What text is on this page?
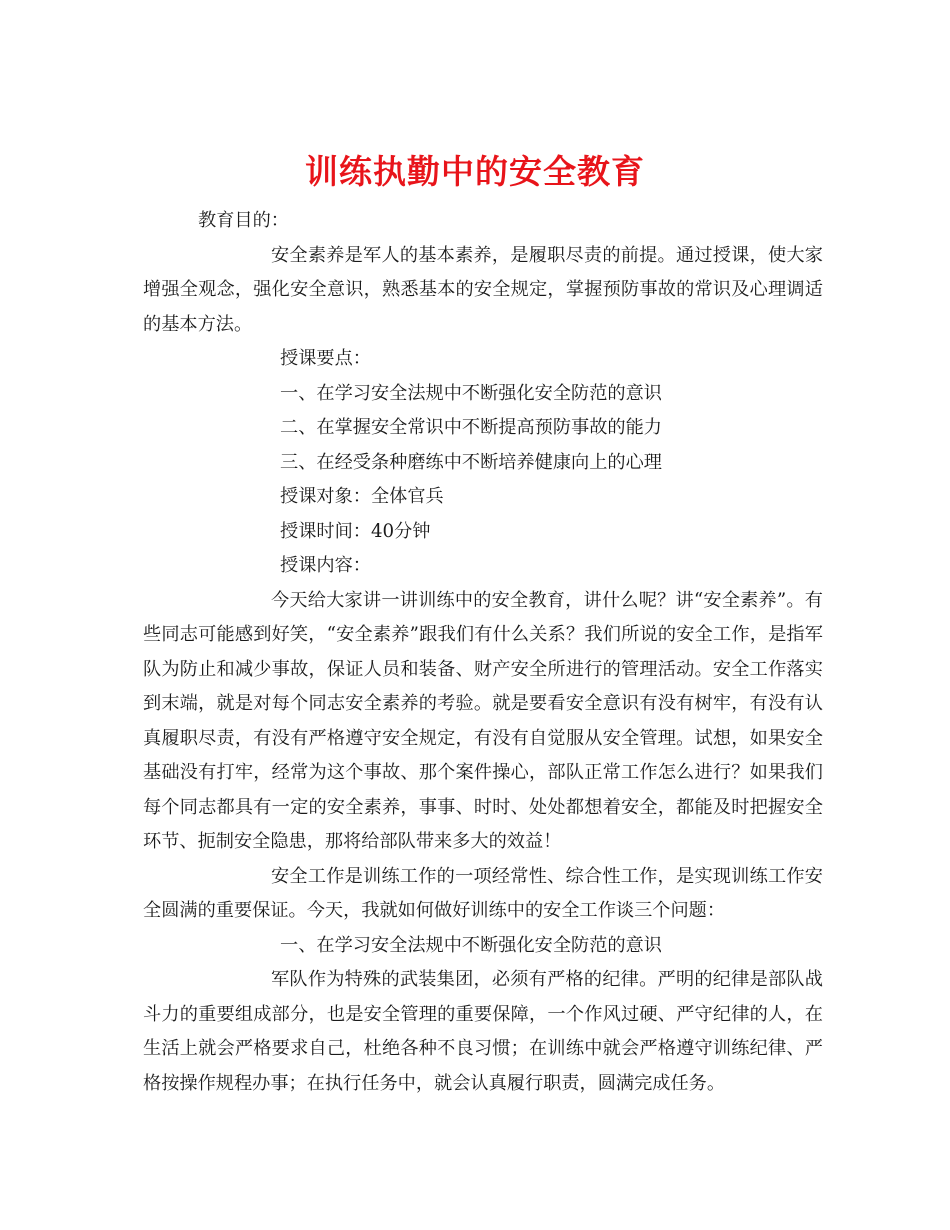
训练执勤中的安全教育

教育目的：

安全素养是军人的基本素养，是履职尽责的前提。通过授课，使大家增强全观念，强化安全意识，熟悉基本的安全规定，掌握预防事故的常识及心理调适的基本方法。

授课要点：

一、在学习安全法规中不断强化安全防范的意识

二、在掌握安全常识中不断提高预防事故的能力

三、在经受条种磨练中不断培养健康向上的心理

授课对象：全体官兵

授课时间：40分钟

授课内容：

今天给大家讲一讲训练中的安全教育，讲什么呢？讲“安全素养”。有些同志可能感到好笑，“安全素养”跟我们有什么关系？我们所说的安全工作，是指军队为防止和减少事故，保证人员和装备、财产安全所进行的管理活动。安全工作落实到末端，就是对每个同志安全素养的考验。就是要看安全意识有没有树牢，有没有认真履职尽责，有没有严格遵守安全规定，有没有自觉服从安全管理。试想，如果安全基础没有打牢，经常为这个事故、那个案件操心，部队正常工作怎么进行？如果我们每个同志都具有一定的安全素养，事事、时时、处处都想着安全，都能及时把握安全环节、扼制安全隐患，那将给部队带来多大的效益！

安全工作是训练工作的一项经常性、综合性工作，是实现训练工作安全圆满的重要保证。今天，我就如何做好训练中的安全工作谈三个问题：

一、在学习安全法规中不断强化安全防范的意识

军队作为特殊的武装集团，必须有严格的纪律。严明的纪律是部队战斗力的重要组成部分，也是安全管理的重要保障，一个作风过硬、严守纪律的人，在生活上就会严格要求自己，杜绝各种不良习惯；在训练中就会严格遵守训练纪律、严格按操作规程办事；在执行任务中，就会认真履行职责，圆满完成任务。
